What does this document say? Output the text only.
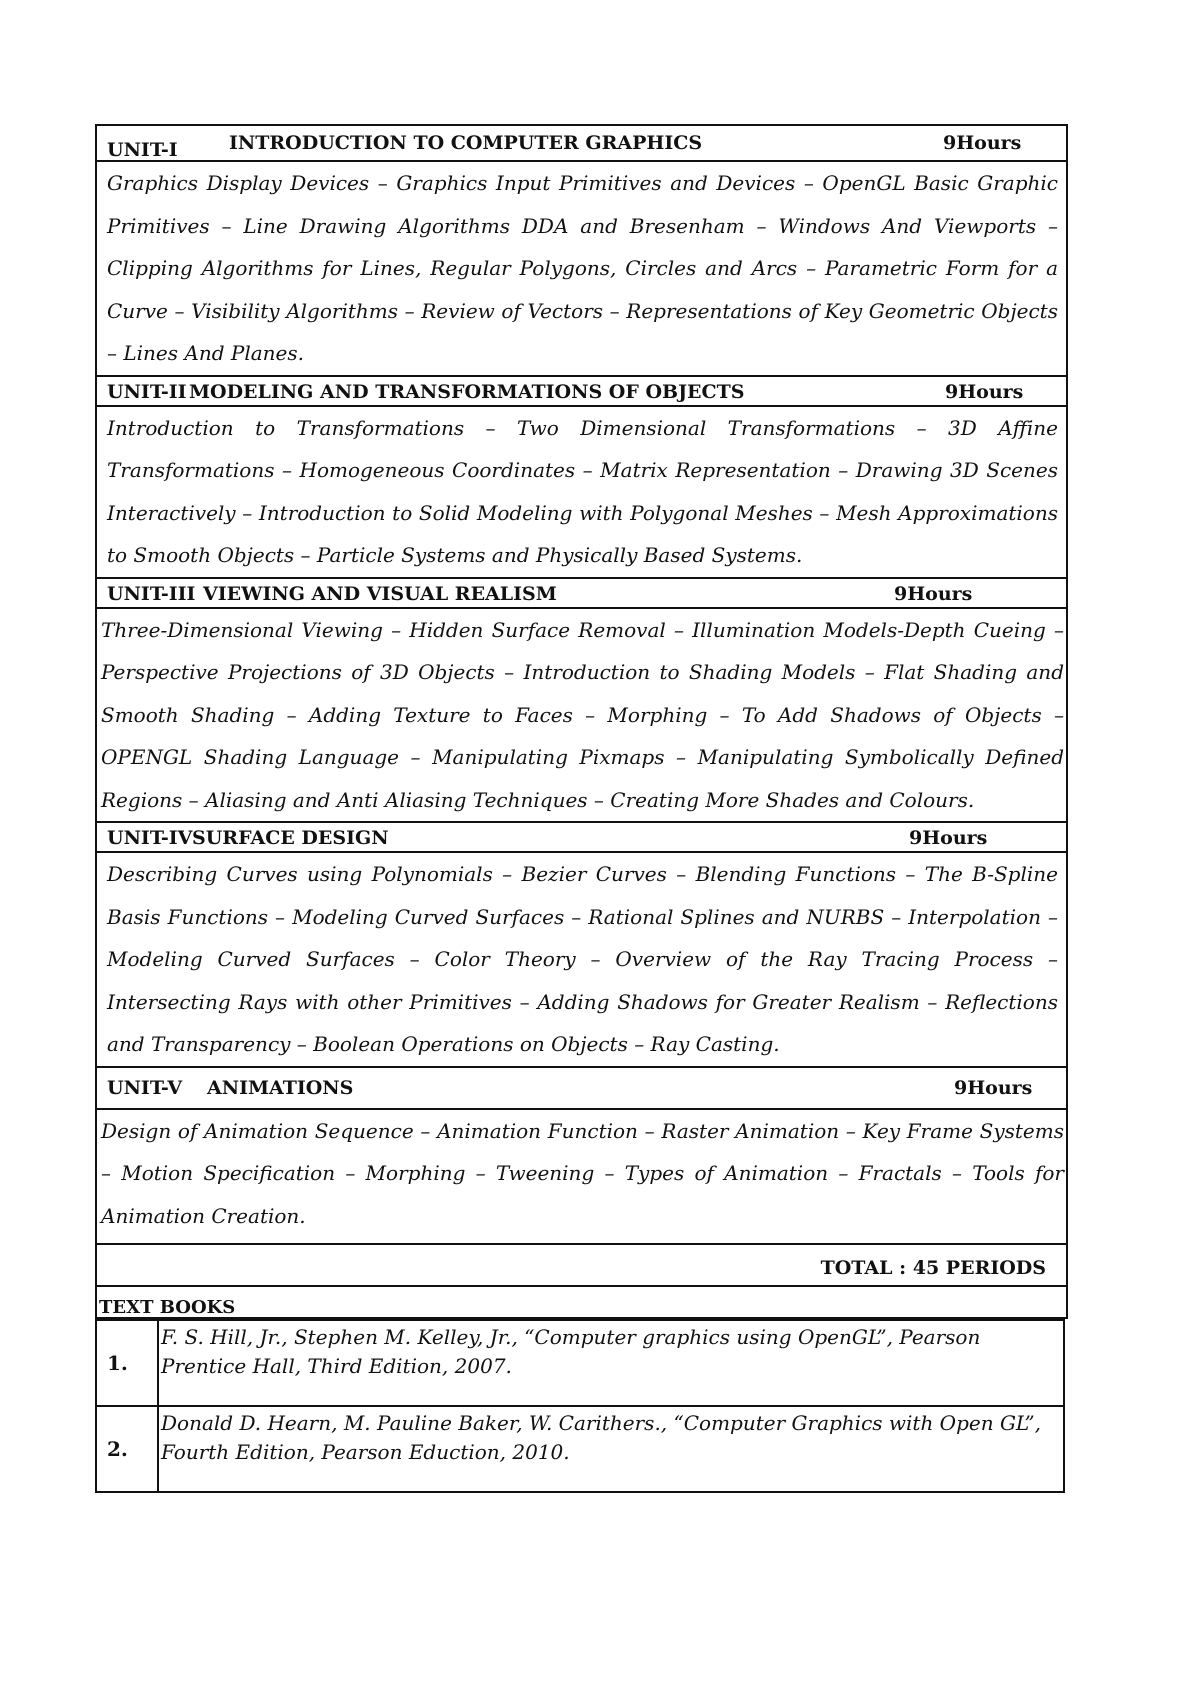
UNIT-I	INTRODUCTION TO COMPUTER GRAPHICS	9Hours
Graphics Display Devices – Graphics Input Primitives and Devices – OpenGL Basic Graphic Primitives – Line Drawing Algorithms DDA and Bresenham – Windows And Viewports – Clipping Algorithms for Lines, Regular Polygons, Circles and Arcs – Parametric Form for a Curve – Visibility Algorithms – Review of Vectors – Representations of Key Geometric Objects – Lines And Planes.
UNIT-II MODELING AND TRANSFORMATIONS OF OBJECTS	9Hours
Introduction to Transformations – Two Dimensional Transformations – 3D Affine Transformations – Homogeneous Coordinates – Matrix Representation – Drawing 3D Scenes Interactively – Introduction to Solid Modeling with Polygonal Meshes – Mesh Approximations to Smooth Objects – Particle Systems and Physically Based Systems.
UNIT-III VIEWING AND VISUAL REALISM	9Hours
Three-Dimensional Viewing – Hidden Surface Removal – Illumination Models-Depth Cueing – Perspective Projections of 3D Objects – Introduction to Shading Models – Flat Shading and Smooth Shading – Adding Texture to Faces – Morphing – To Add Shadows of Objects – OPENGL Shading Language – Manipulating Pixmaps – Manipulating Symbolically Defined Regions – Aliasing and Anti Aliasing Techniques – Creating More Shades and Colours.
UNIT-IV SURFACE DESIGN	9Hours
Describing Curves using Polynomials – Bezier Curves – Blending Functions – The B-Spline Basis Functions – Modeling Curved Surfaces – Rational Splines and NURBS – Interpolation – Modeling Curved Surfaces – Color Theory – Overview of the Ray Tracing Process – Intersecting Rays with other Primitives – Adding Shadows for Greater Realism – Reflections and Transparency – Boolean Operations on Objects – Ray Casting.
UNIT-V ANIMATIONS	9Hours
Design of Animation Sequence – Animation Function – Raster Animation – Key Frame Systems – Motion Specification – Morphing – Tweening – Types of Animation – Fractals – Tools for Animation Creation.
TOTAL : 45 PERIODS
TEXT BOOKS
1.
F. S. Hill, Jr., Stephen M. Kelley, Jr., “Computer graphics using OpenGL”, Pearson Prentice Hall, Third Edition, 2007.
2.
Donald D. Hearn, M. Pauline Baker, W. Carithers., “Computer Graphics with Open GL”, Fourth Edition, Pearson Eduction, 2010.
